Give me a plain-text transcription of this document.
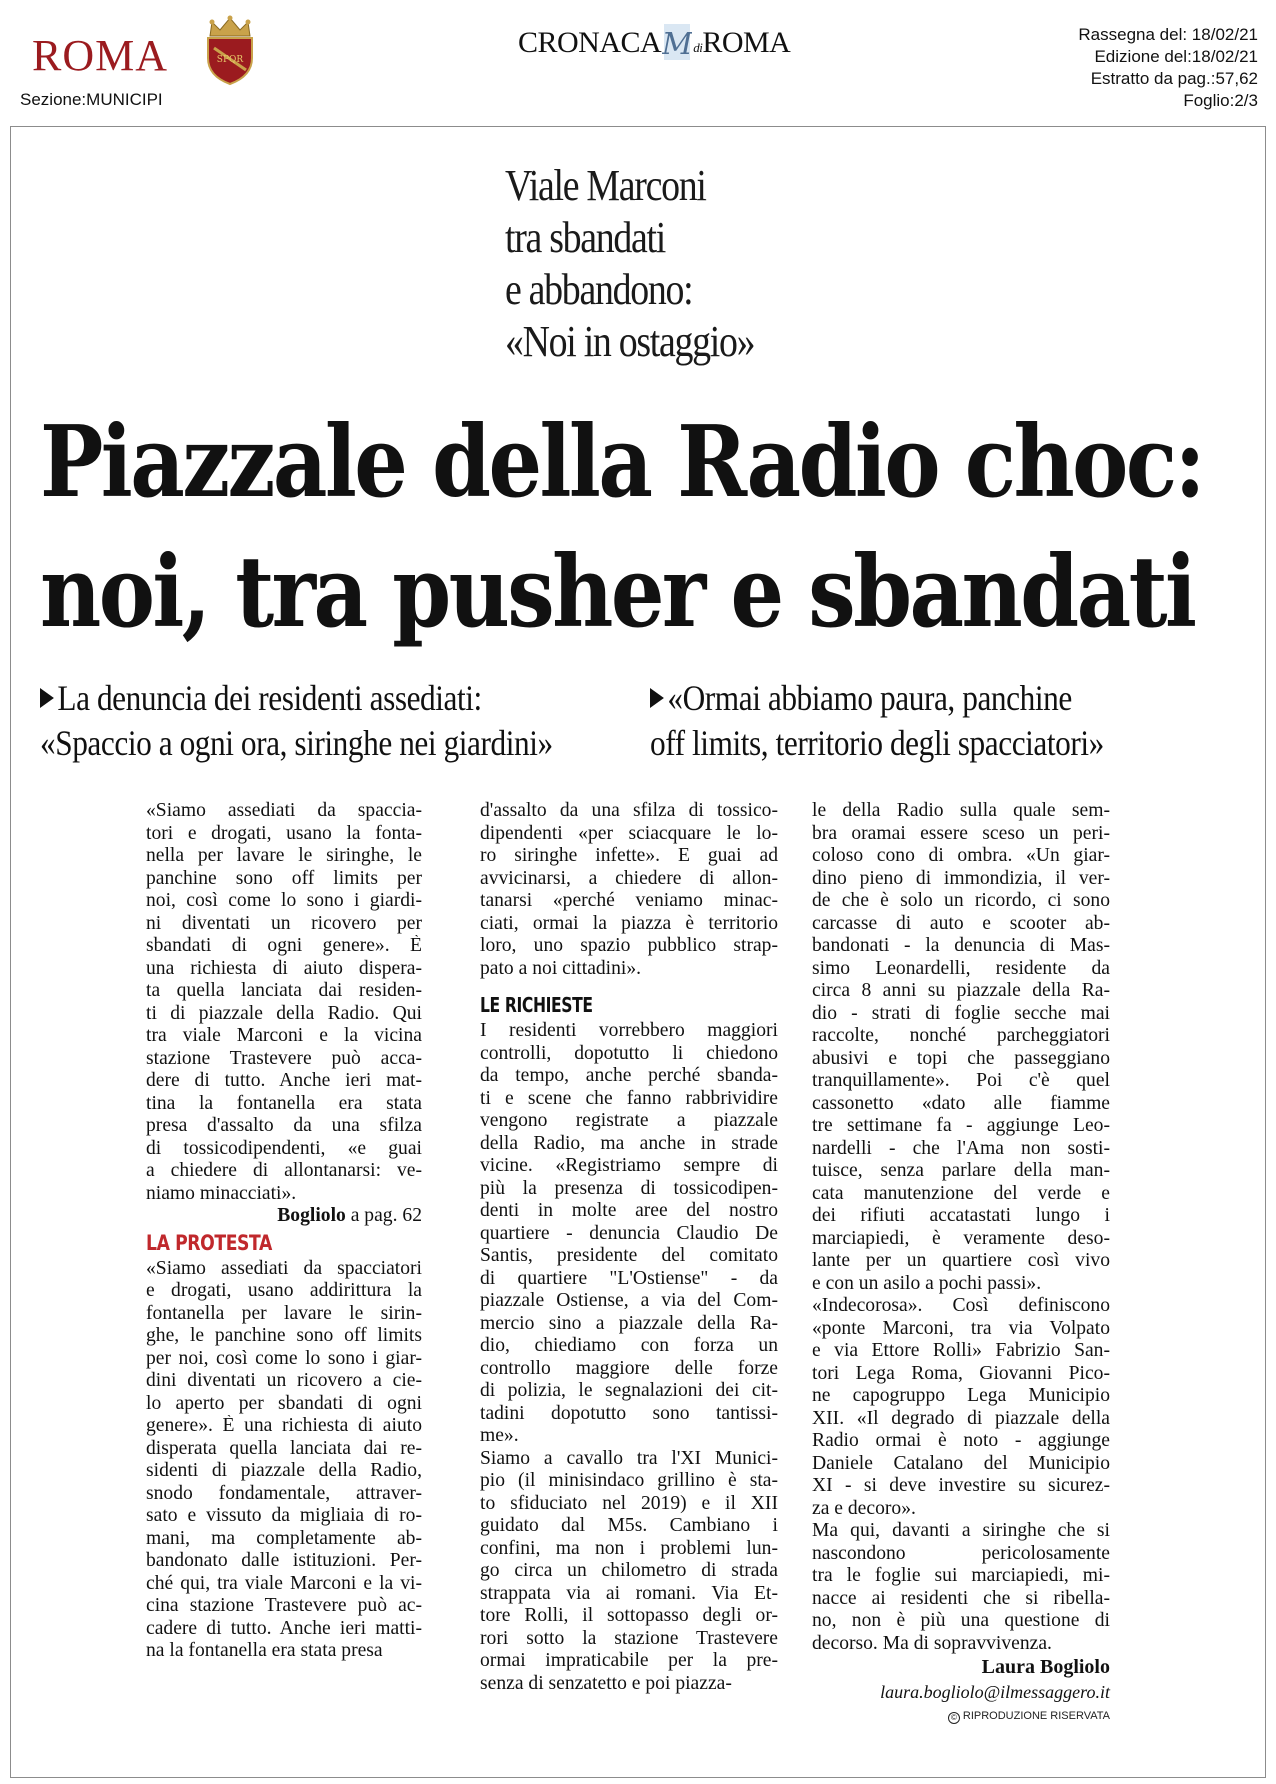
ROMA	SPQR
Sezione:MUNICIPI
CRONACA M diROMA	Rassegna del: 18/02/21
Edizione del:18/02/21
Estratto da pag.:57,62
Foglio:2/3
Viale Marconi
tra sbandati
e abbandono:
«Noi in ostaggio»
Piazzale della Radio choc:
noi, tra pusher e sbandati
La denuncia dei residenti assediati:
«Spaccio a ogni ora, siringhe nei giardini»
«Ormai abbiamo paura, panchine
off limits, territorio degli spacciatori»
«Siamo assediati da spaccia-
tori e drogati, usano la fonta-
nella per lavare le siringhe, le
panchine sono off limits per
noi, così come lo sono i giardi-
ni diventati un ricovero per
sbandati di ogni genere». È
una richiesta di aiuto dispera-
ta quella lanciata dai residen-
ti di piazzale della Radio. Qui
tra viale Marconi e la vicina
stazione Trastevere può acca-
dere di tutto. Anche ieri mat-
tina la fontanella era stata
presa d'assalto da una sfilza
di tossicodipendenti, «e guai
a chiedere di allontanarsi: ve-
niamo minacciati».
Bogliolo a pag. 62
LA PROTESTA
«Siamo assediati da spacciatori
e drogati, usano addirittura la
fontanella per lavare le sirin-
ghe, le panchine sono off limits
per noi, così come lo sono i giar-
dini diventati un ricovero a cie-
lo aperto per sbandati di ogni
genere». È una richiesta di aiuto
disperata quella lanciata dai re-
sidenti di piazzale della Radio,
snodo fondamentale, attraver-
sato e vissuto da migliaia di ro-
mani, ma completamente ab-
bandonato dalle istituzioni. Per-
ché qui, tra viale Marconi e la vi-
cina stazione Trastevere può ac-
cadere di tutto. Anche ieri matti-
na la fontanella era stata presa
d'assalto da una sfilza di tossico-
dipendenti «per sciacquare le lo-
ro siringhe infette». E guai ad
avvicinarsi, a chiedere di allon-
tanarsi «perché veniamo minac-
ciati, ormai la piazza è territorio
loro, uno spazio pubblico strap-
pato a noi cittadini».
LE RICHIESTE
I residenti vorrebbero maggiori
controlli, dopotutto li chiedono
da tempo, anche perché sbanda-
ti e scene che fanno rabbrividire
vengono registrate a piazzale
della Radio, ma anche in strade
vicine. «Registriamo sempre di
più la presenza di tossicodipen-
denti in molte aree del nostro
quartiere - denuncia Claudio De
Santis, presidente del comitato
di quartiere "L'Ostiense" - da
piazzale Ostiense, a via del Com-
mercio sino a piazzale della Ra-
dio, chiediamo con forza un
controllo maggiore delle forze
di polizia, le segnalazioni dei cit-
tadini dopotutto sono tantissi-
me».
Siamo a cavallo tra l'XI Munici-
pio (il minisindaco grillino è sta-
to sfiduciato nel 2019) e il XII
guidato dal M5s. Cambiano i
confini, ma non i problemi lun-
go circa un chilometro di strada
strappata via ai romani. Via Et-
tore Rolli, il sottopasso degli or-
rori sotto la stazione Trastevere
ormai impraticabile per la pre-
senza di senzatetto e poi piazza-
le della Radio sulla quale sem-
bra oramai essere sceso un peri-
coloso cono di ombra. «Un giar-
dino pieno di immondizia, il ver-
de che è solo un ricordo, ci sono
carcasse di auto e scooter ab-
bandonati - la denuncia di Mas-
simo Leonardelli, residente da
circa 8 anni su piazzale della Ra-
dio - strati di foglie secche mai
raccolte, nonché parcheggiatori
abusivi e topi che passeggiano
tranquillamente». Poi c'è quel
cassonetto «dato alle fiamme
tre settimane fa - aggiunge Leo-
nardelli - che l'Ama non sosti-
tuisce, senza parlare della man-
cata manutenzione del verde e
dei rifiuti accatastati lungo i
marciapiedi, è veramente deso-
lante per un quartiere così vivo
e con un asilo a pochi passi».
«Indecorosa». Così definiscono
«ponte Marconi, tra via Volpato
e via Ettore Rolli» Fabrizio San-
tori Lega Roma, Giovanni Pico-
ne capogruppo Lega Municipio
XII. «Il degrado di piazzale della
Radio ormai è noto - aggiunge
Daniele Catalano del Municipio
XI - si deve investire su sicurez-
za e decoro».
Ma qui, davanti a siringhe che si
nascondono pericolosamente
tra le foglie sui marciapiedi, mi-
nacce ai residenti che si ribella-
no, non è più una questione di
decorso. Ma di sopravvivenza.
Laura Bogliolo
laura.bogliolo@ilmessaggero.it
© RIPRODUZIONE RISERVATA
